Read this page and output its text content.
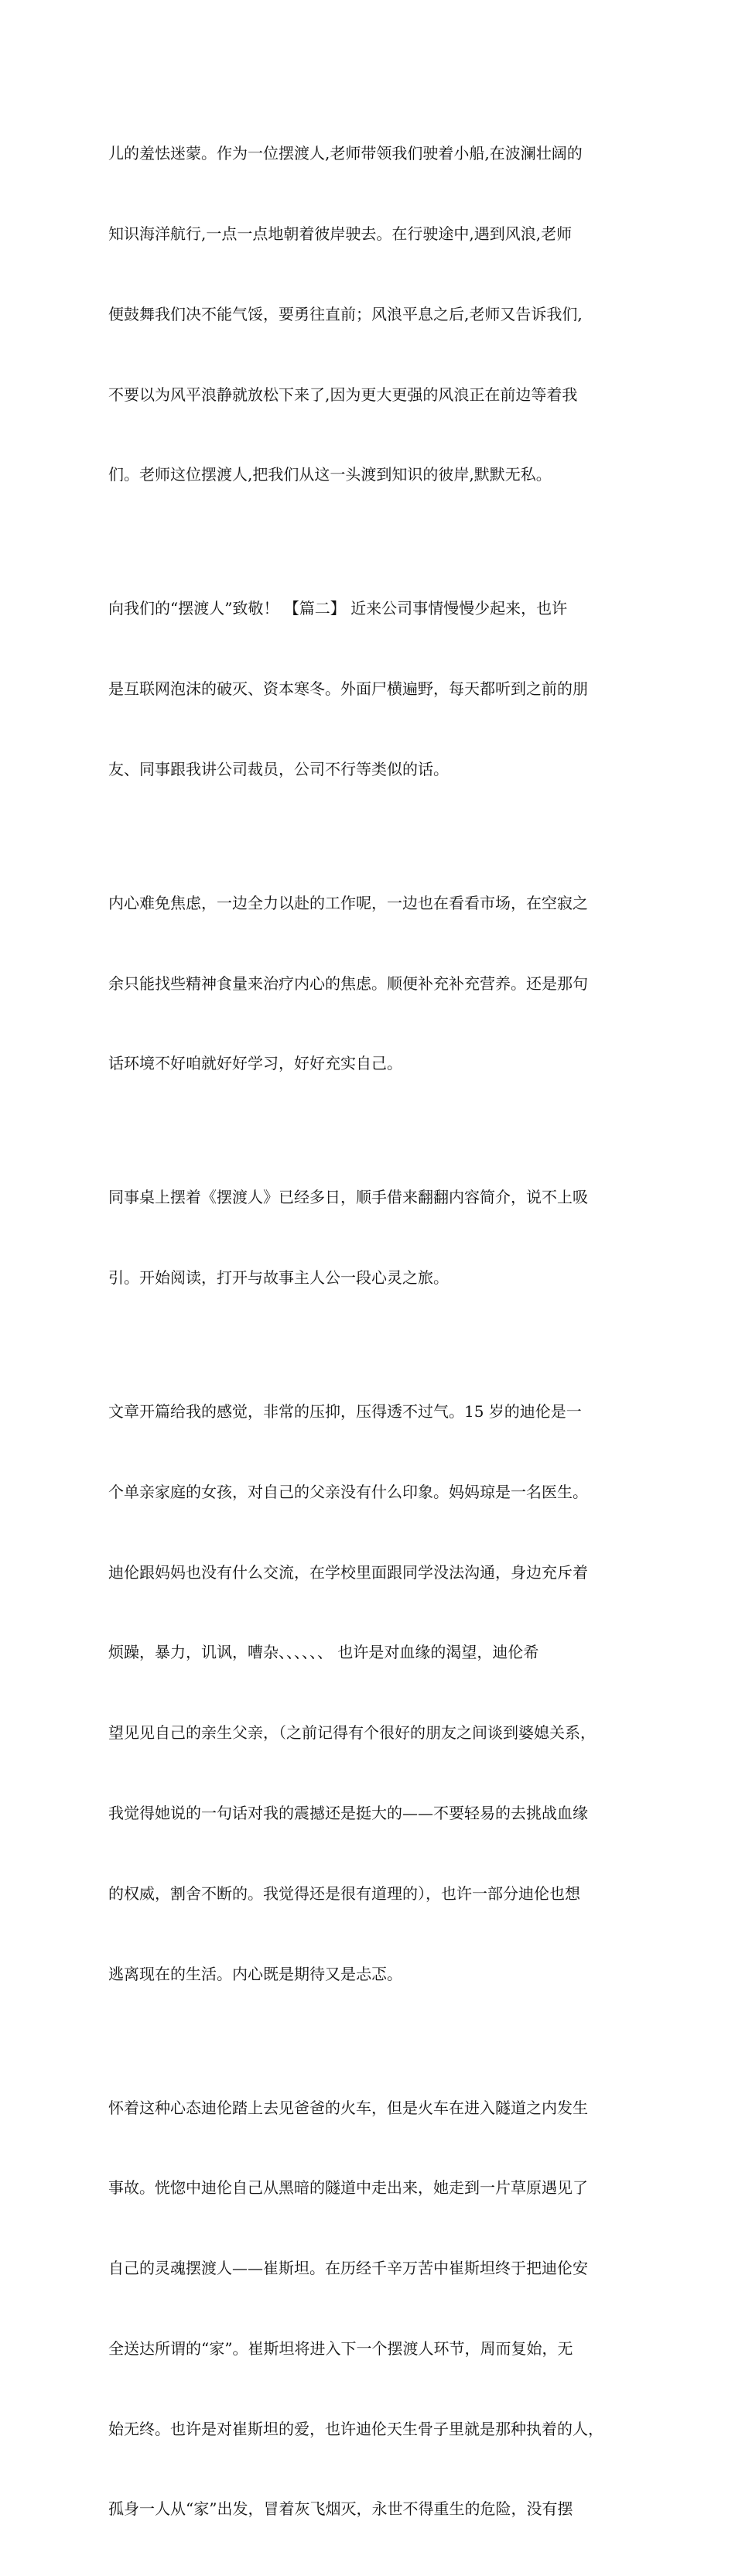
儿的羞怯迷蒙。作为一位摆渡人,老师带领我们驶着小船,在波澜壮阔的

知识海洋航行,一点一点地朝着彼岸驶去。在行驶途中,遇到风浪,老师

便鼓舞我们决不能气馁，要勇往直前；风浪平息之后,老师又告诉我们,

不要以为风平浪静就放松下来了,因为更大更强的风浪正在前边等着我

们。老师这位摆渡人,把我们从这一头渡到知识的彼岸,默默无私。

向我们的“摆渡人”致敬！ 【篇二】 近来公司事情慢慢少起来，也许

是互联网泡沫的破灭、资本寒冬。外面尸横遍野，每天都听到之前的朋

友、同事跟我讲公司裁员，公司不行等类似的话。

内心难免焦虑，一边全力以赴的工作呢，一边也在看看市场，在空寂之

余只能找些精神食量来治疗内心的焦虑。顺便补充补充营养。还是那句

话环境不好咱就好好学习，好好充实自己。

同事桌上摆着《摆渡人》已经多日，顺手借来翻翻内容简介，说不上吸

引。开始阅读，打开与故事主人公一段心灵之旅。

文章开篇给我的感觉，非常的压抑，压得透不过气。15 岁的迪伦是一

个单亲家庭的女孩，对自己的父亲没有什么印象。妈妈琼是一名医生。

迪伦跟妈妈也没有什么交流，在学校里面跟同学没法沟通，身边充斥着

烦躁，暴力，讥讽，嘈杂、、、、、、 也许是对血缘的渴望，迪伦希

望见见自己的亲生父亲，（之前记得有个很好的朋友之间谈到婆媳关系，

我觉得她说的一句话对我的震撼还是挺大的——不要轻易的去挑战血缘

的权威，割舍不断的。我觉得还是很有道理的），也许一部分迪伦也想

逃离现在的生活。内心既是期待又是忐忑。

怀着这种心态迪伦踏上去见爸爸的火车，但是火车在进入隧道之内发生

事故。恍惚中迪伦自己从黑暗的隧道中走出来，她走到一片草原遇见了

自己的灵魂摆渡人——崔斯坦。在历经千辛万苦中崔斯坦终于把迪伦安

全送达所谓的“家”。崔斯坦将进入下一个摆渡人环节，周而复始，无

始无终。也许是对崔斯坦的爱，也许迪伦天生骨子里就是那种执着的人，

孤身一人从“家”出发，冒着灰飞烟灭，永世不得重生的危险，没有摆
